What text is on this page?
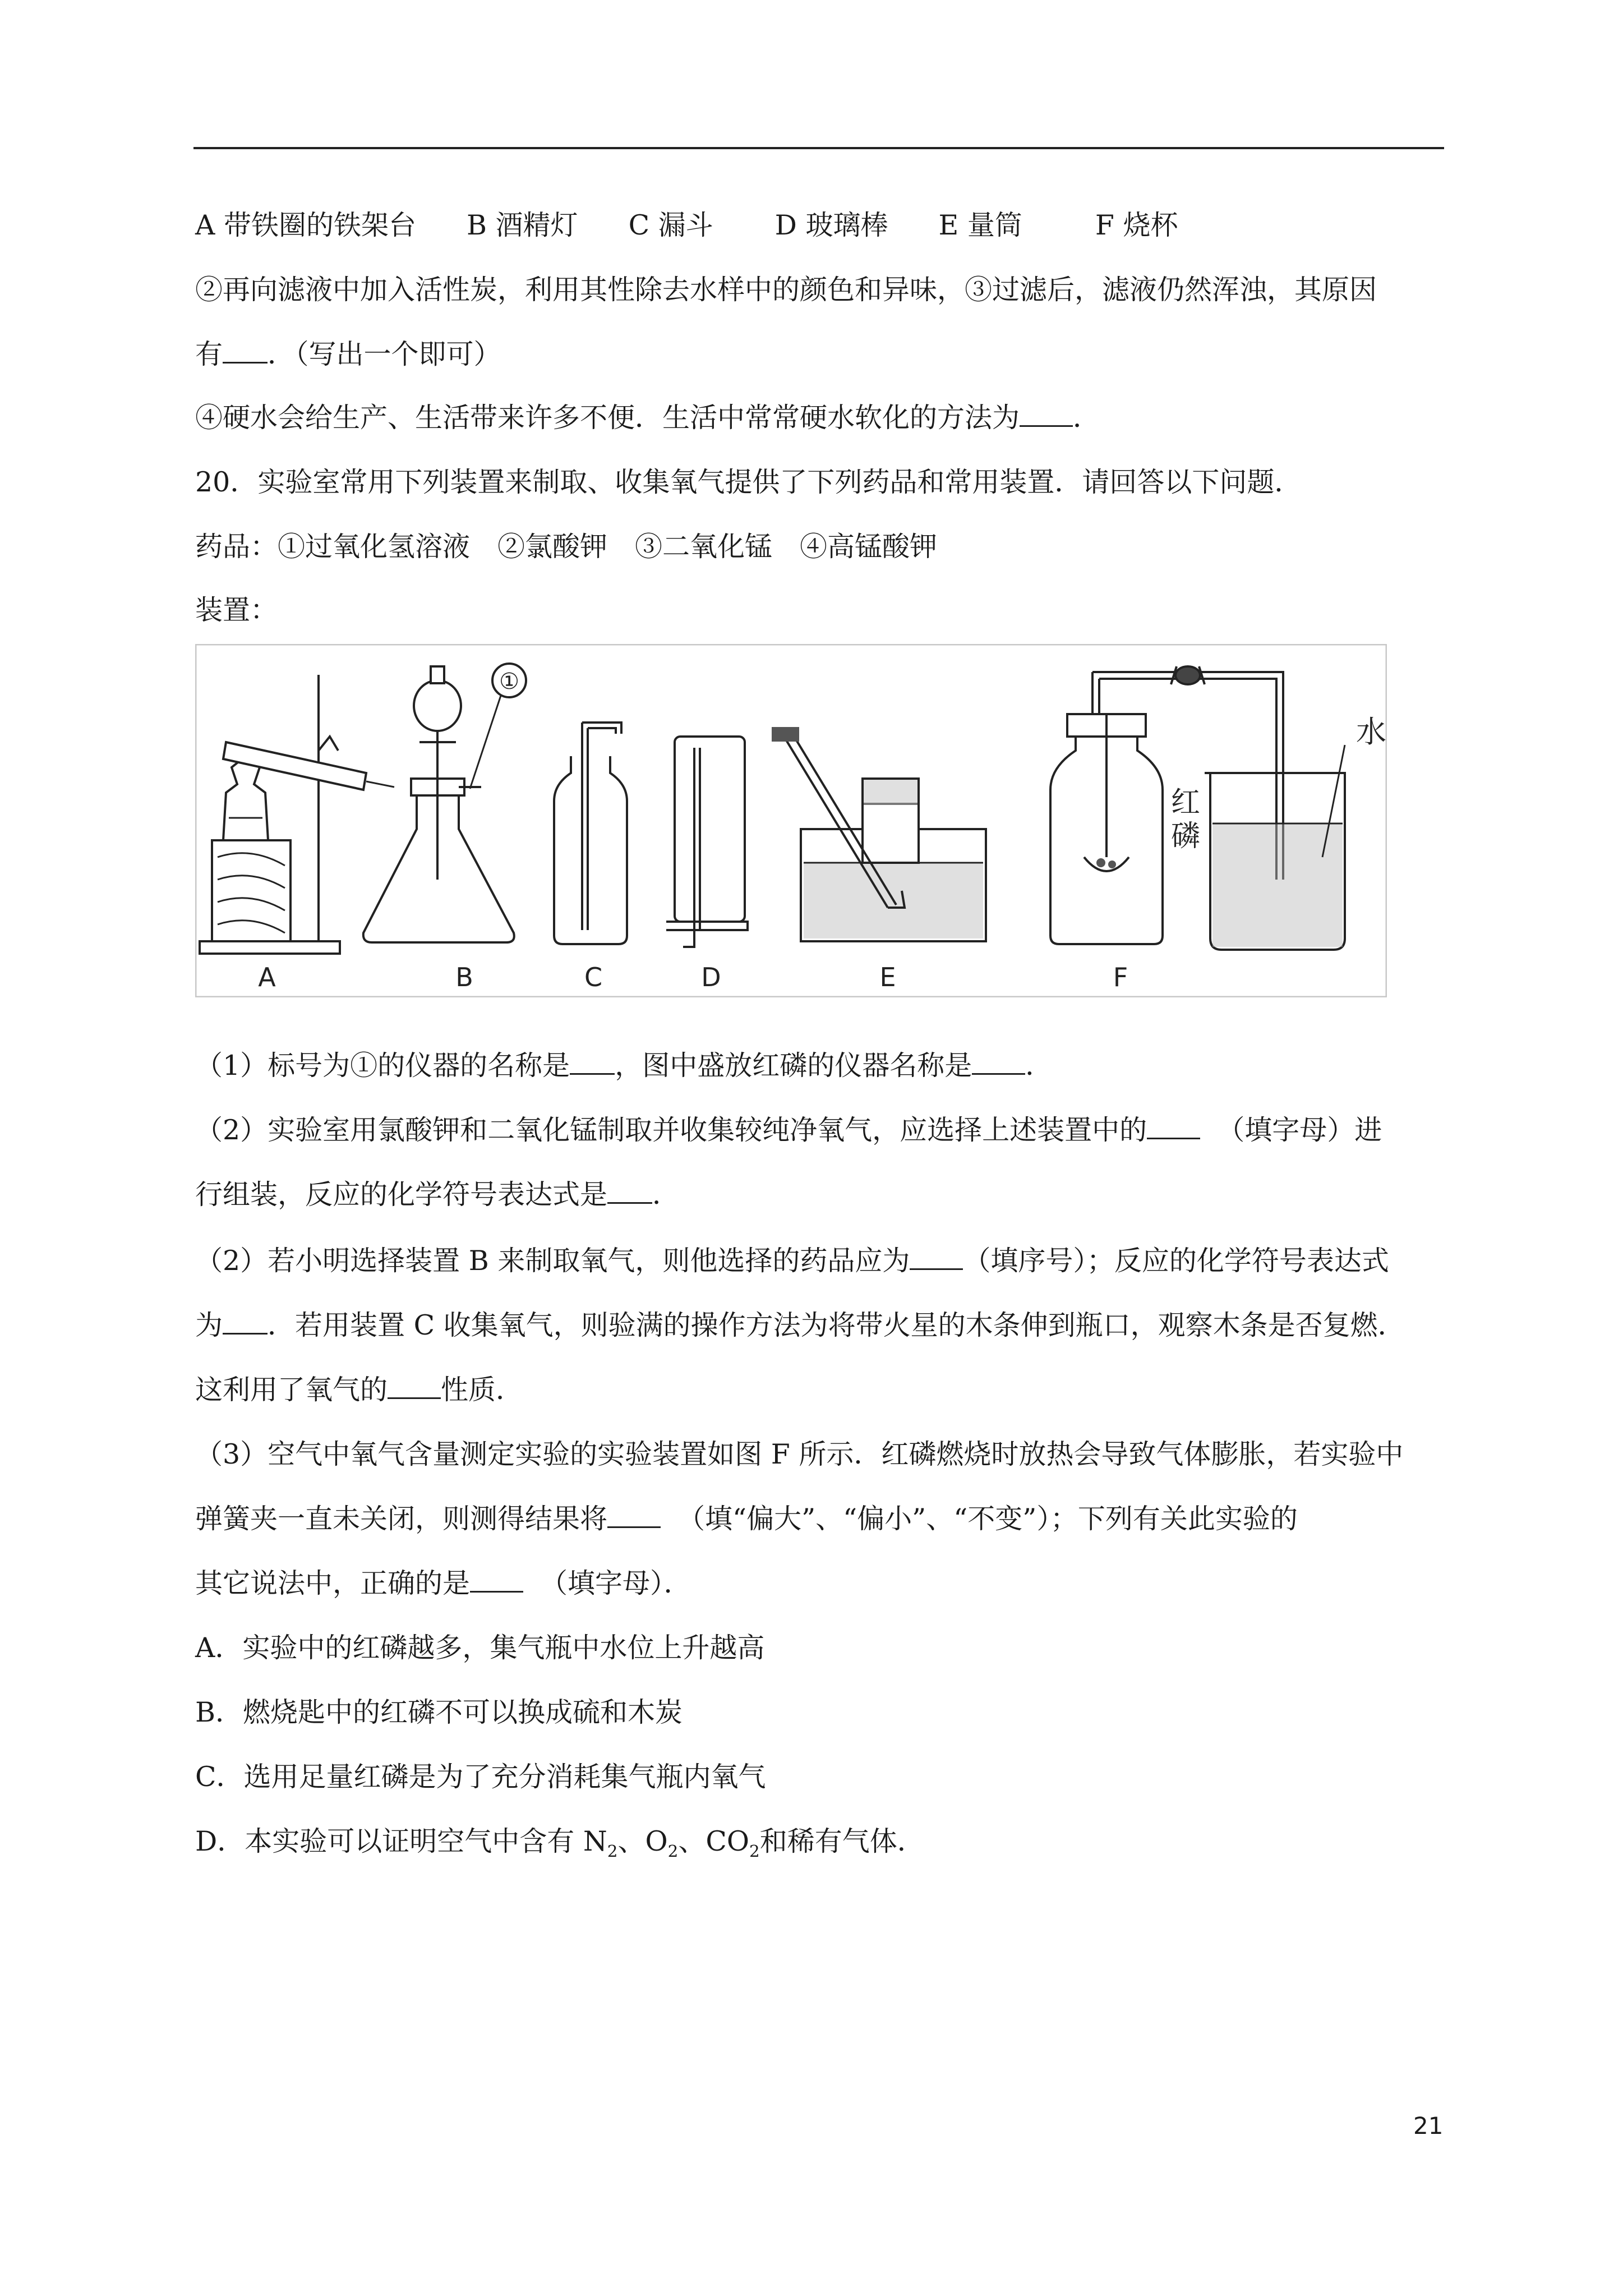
A 带铁圈的铁架台 B 酒精灯 C 漏斗 D 玻璃棒 E 量筒	F 烧杯
②再向滤液中加入活性炭，利用其性除去水样中的颜色和异味，③过滤后，滤液仍然浑浊，其原因
有 ．（写出一个即可）
④硬水会给生产、生活带来许多不便．生活中常常硬水软化的方法为 ．
20．实验室常用下列装置来制取、收集氧气提供了下列药品和常用装置．请回答以下问题．
药品：①过氧化氢溶液　②氯酸钾　③二氧化锰　④高锰酸钾
装置：
①
水
红
磷
A	B	C	D	E	F
（1）标号为①的仪器的名称是 ，图中盛放红磷的仪器名称是 ．
（2）实验室用氯酸钾和二氧化锰制取并收集较纯净氧气，应选择上述装置中的	（填字母）进
行组装，反应的化学符号表达式是 ．
（2）若小明选择装置 B 来制取氧气，则他选择的药品应为 （填序号）；反应的化学符号表达式
为 ．若用装置 C 收集氧气，则验满的操作方法为将带火星的木条伸到瓶口，观察木条是否复燃．
这利用了氧气的 性质．
（3）空气中氧气含量测定实验的实验装置如图 F 所示．红磷燃烧时放热会导致气体膨胀，若实验中
弹簧夹一直未关闭，则测得结果将	（填“偏大”、“偏小”、“不变”）；下列有关此实验的
其它说法中，正确的是	（填字母）．
A．实验中的红磷越多，集气瓶中水位上升越高
B．燃烧匙中的红磷不可以换成硫和木炭
C．选用足量红磷是为了充分消耗集气瓶内氧气
D．本实验可以证明空气中含有 $N_2$、$O_2$、$CO_2$和稀有气体．
21
